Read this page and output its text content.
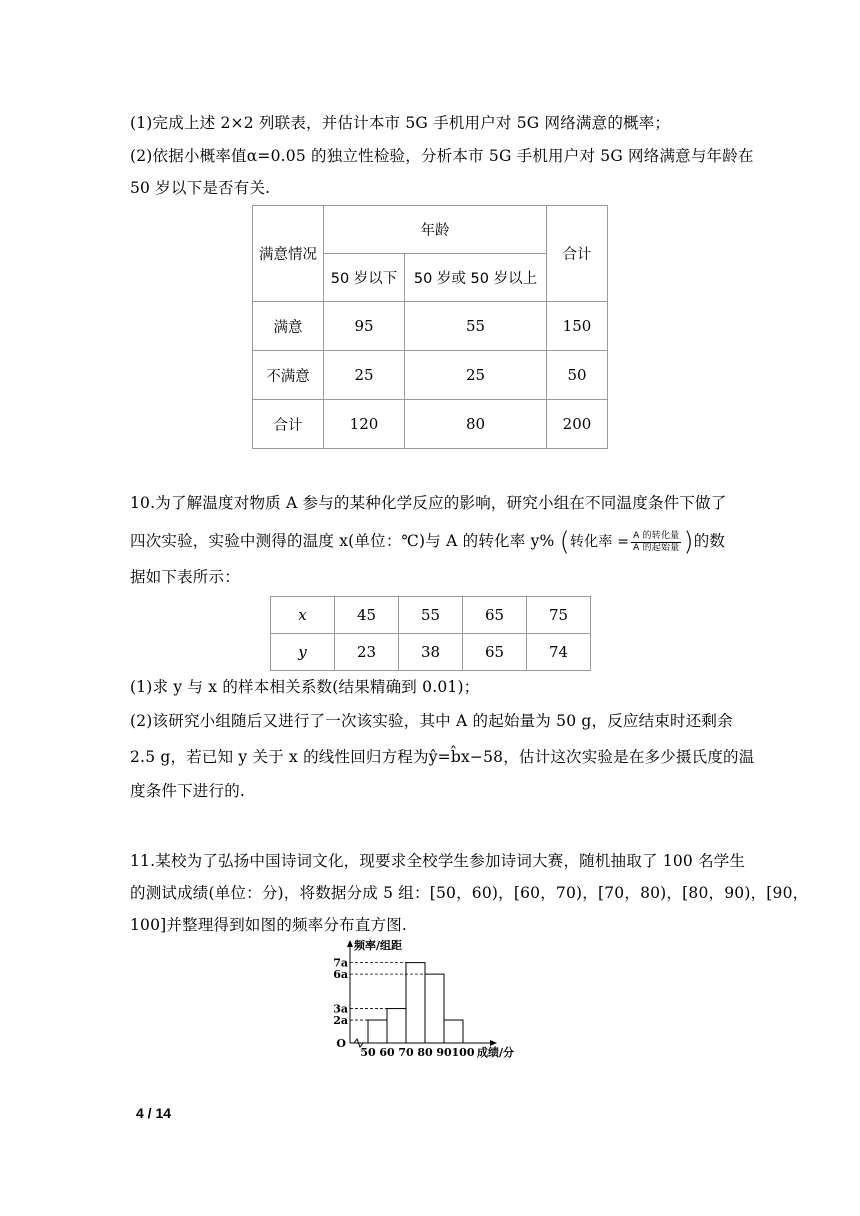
(1)完成上述 2×2 列联表，并估计本市 5G 手机用户对 5G 网络满意的概率；
(2)依据小概率值α=0.05 的独立性检验，分析本市 5G 手机用户对 5G 网络满意与年龄在
50 岁以下是否有关.
满意情况	年龄		合计
	50 岁以下	50 岁或 50 岁以上	
满意	95	55	150
不满意	25	25	50
合计	120	80	200
10.为了解温度对物质 A 参与的某种化学反应的影响，研究小组在不同温度条件下做了
四次实验，实验中测得的温度 x(单位：℃)与 A 的转化率 y% (转化率 = $\frac{\text{A 的转化量}}{\text{A 的起始量}}$ )的数
据如下表所示：
x	45	55	65	75
y	23	38	65	74
(1)求 y 与 x 的样本相关系数(结果精确到 0.01)；
(2)该研究小组随后又进行了一次该实验，其中 A 的起始量为 50 g，反应结束时还剩余
2.5 g，若已知 y 关于 x 的线性回归方程为ŷ=b̂x−58，估计这次实验是在多少摄氏度的温
度条件下进行的.
11.某校为了弘扬中国诗词文化，现要求全校学生参加诗词大赛，随机抽取了 100 名学生
的测试成绩(单位：分)，将数据分成 5 组：[50，60)，[60，70)，[70，80)，[80，90)，[90，
100]并整理得到如图的频率分布直方图.
2a
3a
6a
7a
50 60 70 80 90 100
O
成绩/分
频率/组距
4 / 14
